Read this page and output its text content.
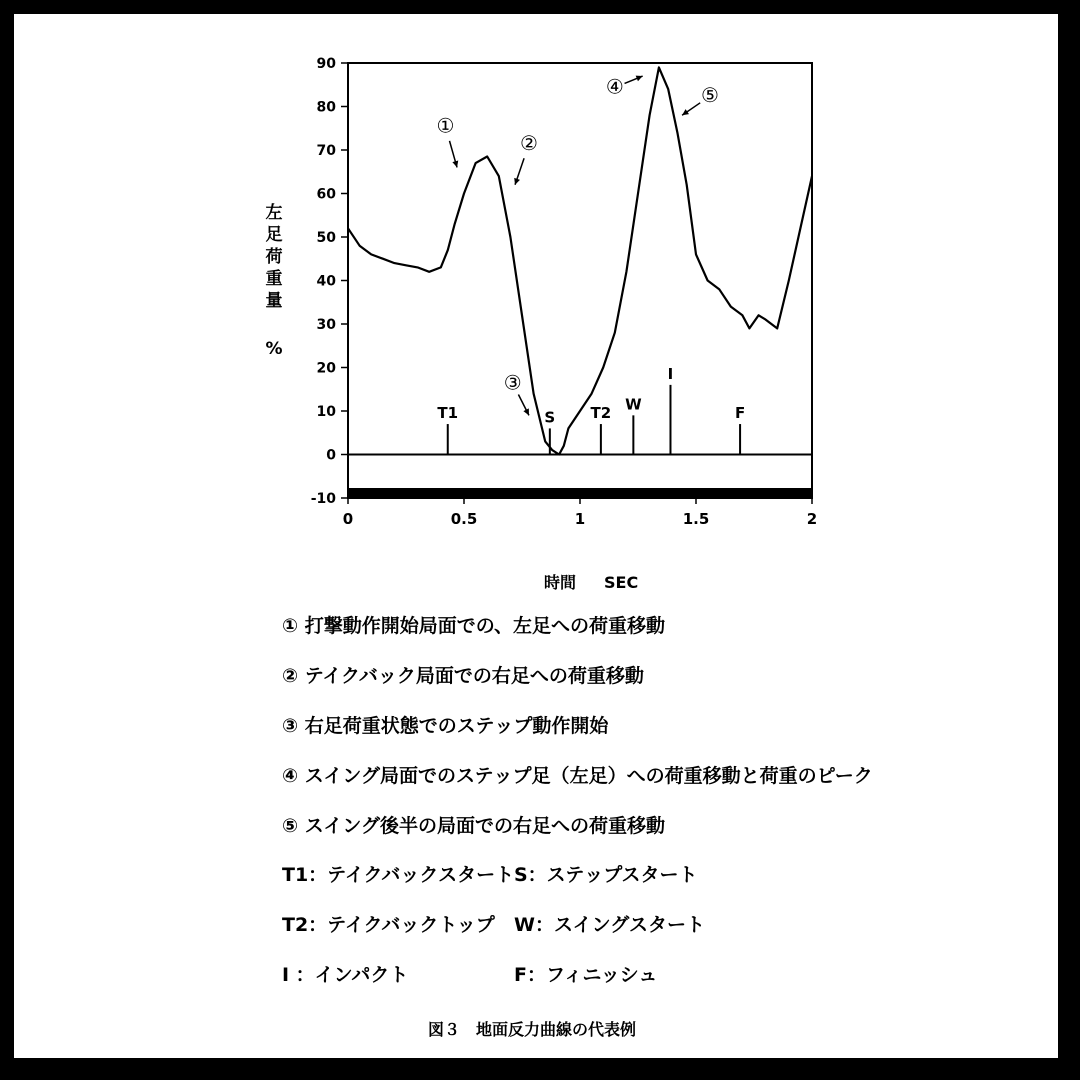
-10
0
10
20
30
40
50
60
70
80
90
0	0.5	1	1.5	2
T1	S T2 W
I
F
①
②
③
④	⑤
左
足
荷
重
量
%
時間 SEC
① 打撃動作開始局面での、左足への荷重移動
② テイクバック局面での右足への荷重移動
③ 右足荷重状態でのステップ動作開始
④ スイング局面でのステップ足（左足）への荷重移動と荷重のピーク
⑤ スイング後半の局面での右足への荷重移動
T1：テイクバックスタート S：ステップスタート
T2：テイクバックトップ W：スイングスタート
I ：インパクト	F：フィニッシュ
図３　地面反力曲線の代表例
